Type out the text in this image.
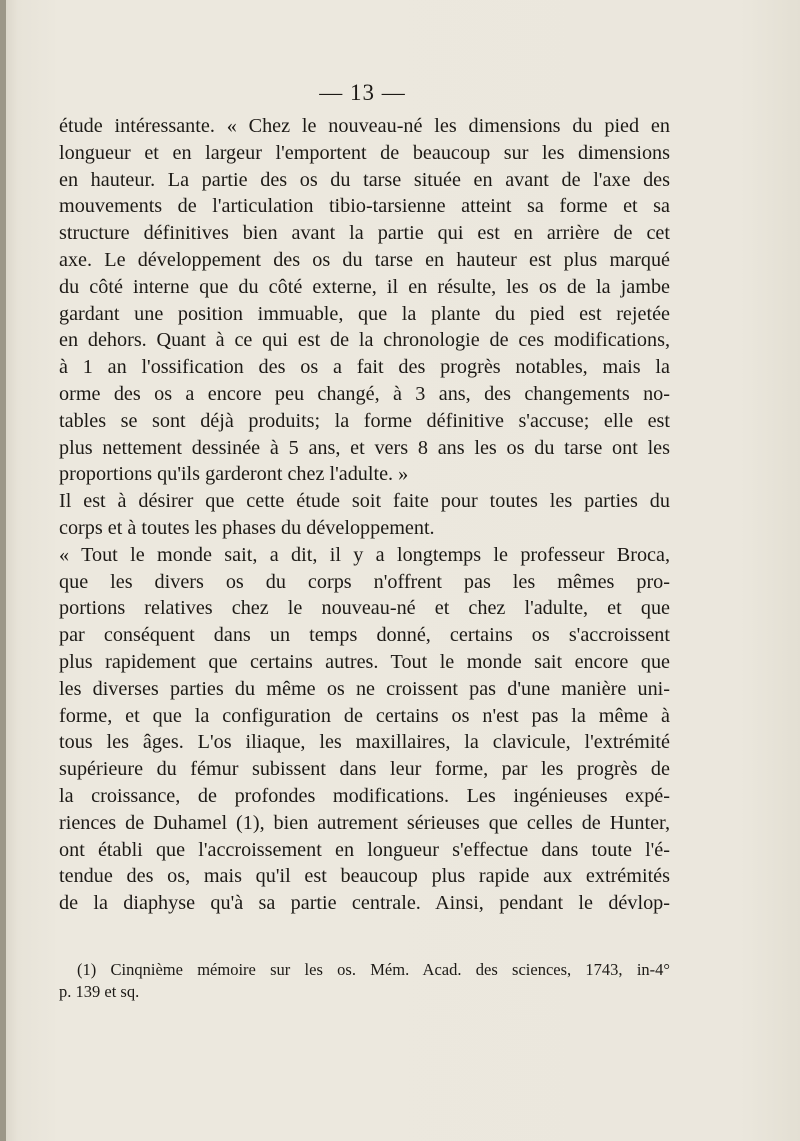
— 13 —
étude intéressante. « Chez le nouveau-né les dimensions du pied en
longueur et en largeur l'emportent de beaucoup sur les dimensions
en hauteur. La partie des os du tarse située en avant de l'axe des
mouvements de l'articulation tibio-tarsienne atteint sa forme et sa
structure définitives bien avant la partie qui est en arrière de cet
axe. Le développement des os du tarse en hauteur est plus marqué
du côté interne que du côté externe, il en résulte, les os de la jambe
gardant une position immuable, que la plante du pied est rejetée
en dehors. Quant à ce qui est de la chronologie de ces modifications,
à 1 an l'ossification des os a fait des progrès notables, mais la
orme des os a encore peu changé, à 3 ans, des changements no-
tables se sont déjà produits; la forme définitive s'accuse; elle est
plus nettement dessinée à 5 ans, et vers 8 ans les os du tarse ont les
proportions qu'ils garderont chez l'adulte. »
Il est à désirer que cette étude soit faite pour toutes les parties du
corps et à toutes les phases du développement.
« Tout le monde sait, a dit, il y a longtemps le professeur Broca,
que les divers os du corps n'offrent pas les mêmes pro-
portions relatives chez le nouveau-né et chez l'adulte, et que
par conséquent dans un temps donné, certains os s'accroissent
plus rapidement que certains autres. Tout le monde sait encore que
les diverses parties du même os ne croissent pas d'une manière uni-
forme, et que la configuration de certains os n'est pas la même à
tous les âges. L'os iliaque, les maxillaires, la clavicule, l'extrémité
supérieure du fémur subissent dans leur forme, par les progrès de
la croissance, de profondes modifications. Les ingénieuses expé-
riences de Duhamel (1), bien autrement sérieuses que celles de Hunter,
ont établi que l'accroissement en longueur s'effectue dans toute l'é-
tendue des os, mais qu'il est beaucoup plus rapide aux extrémités
de la diaphyse qu'à sa partie centrale. Ainsi, pendant le dévlop-
(1) Cinqnième mémoire sur les os. Mém. Acad. des sciences, 1743, in-4°
p. 139 et sq.
